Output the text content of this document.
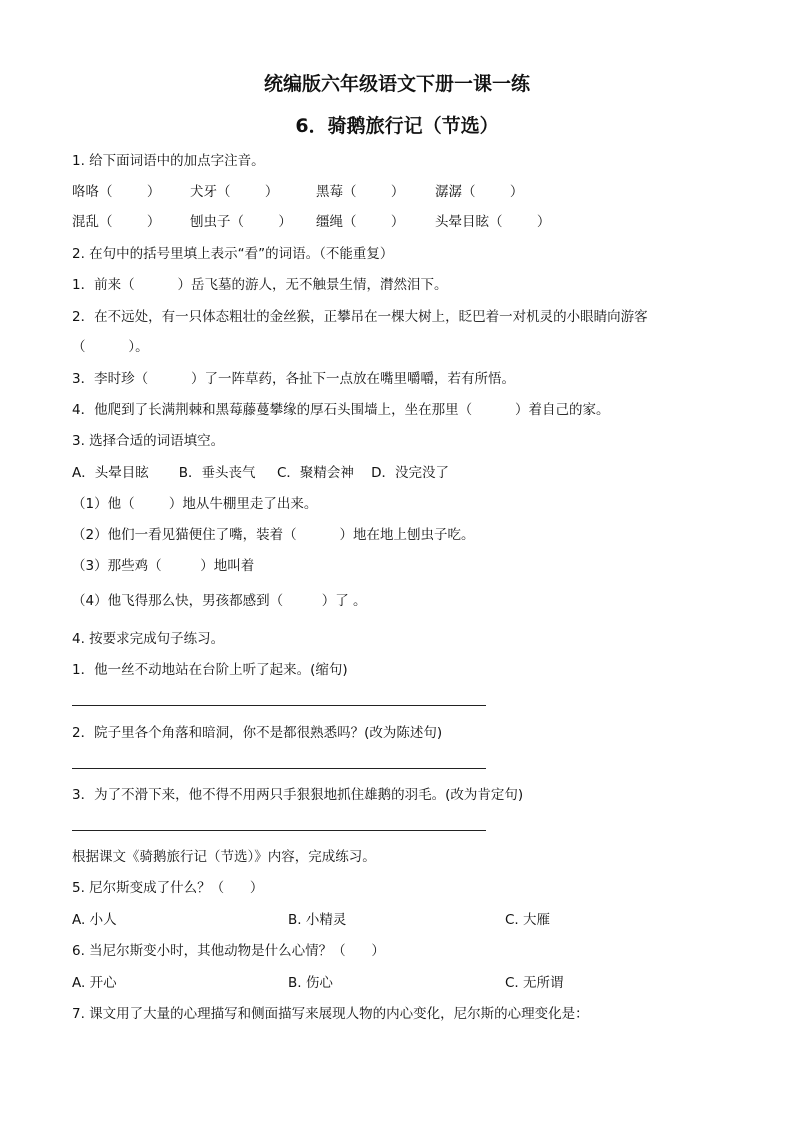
统编版六年级语文下册一课一练
6．骑鹅旅行记（节选）
1. 给下面词语中的加点字注音。
咯咯（        ） 犬牙（        ）	黑莓（        ） 潺潺（        ）
混乱（        ） 刨虫子（        ） 缰绳（        ） 头晕目眩（        ）
2. 在句中的括号里填上表示“看”的词语。（不能重复）
1．前来（          ）岳飞墓的游人，无不触景生情，潸然泪下。
2．在不远处，有一只体态粗壮的金丝猴，正攀吊在一棵大树上，眨巴着一对机灵的小眼睛向游客
（          ）。
3．李时珍（          ）了一阵草药，各扯下一点放在嘴里嚼嚼，若有所悟。
4．他爬到了长满荆棘和黑莓藤蔓攀缘的厚石头围墙上，坐在那里（          ）着自己的家。
3. 选择合适的词语填空。
A．头晕目眩       B．垂头丧气     C．聚精会神    D．没完没了
（1）他（        ）地从牛棚里走了出来。
（2）他们一看见猫便住了嘴，装着（          ）地在地上刨虫子吃。
（3）那些鸡（         ）地叫着
（4）他飞得那么快，男孩都感到（         ）了 。
4. 按要求完成句子练习。
1．他一丝不动地站在台阶上听了起来。(缩句)
2．院子里各个角落和暗洞，你不是都很熟悉吗？(改为陈述句)
3．为了不滑下来，他不得不用两只手狠狠地抓住雄鹅的羽毛。(改为肯定句)
根据课文《骑鹅旅行记（节选）》内容，完成练习。
5. 尼尔斯变成了什么？（      ）
A. 小人	B. 小精灵	C. 大雁
6. 当尼尔斯变小时，其他动物是什么心情？（      ）
A. 开心	B. 伤心	C. 无所谓
7. 课文用了大量的心理描写和侧面描写来展现人物的内心变化，尼尔斯的心理变化是：
